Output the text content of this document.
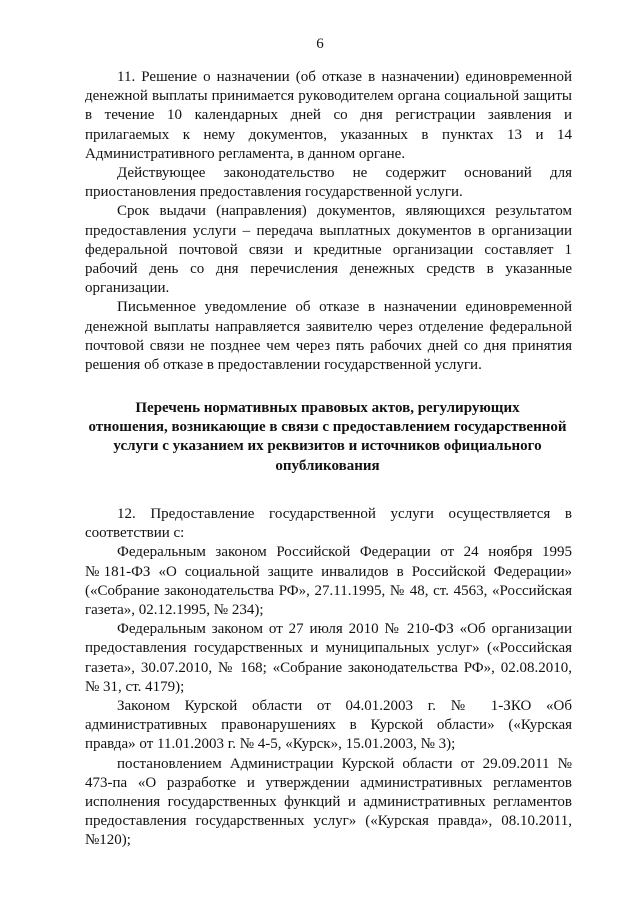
6

11. Решение о назначении (об отказе в назначении) единовременной денежной выплаты принимается руководителем органа социальной защиты в течение 10 календарных дней со дня регистрации заявления и прилагаемых к нему документов, указанных в пунктах 13 и 14 Административного регламента, в данном органе.

Действующее законодательство не содержит оснований для приостановления предоставления государственной услуги.

Срок выдачи (направления) документов, являющихся результатом предоставления услуги – передача выплатных документов в организации федеральной почтовой связи и кредитные организации составляет 1 рабочий день со дня перечисления денежных средств в указанные организации.

Письменное уведомление об отказе в назначении единовременной денежной выплаты направляется заявителю через отделение федеральной почтовой связи не позднее чем через пять рабочих дней со дня принятия решения об отказе в предоставлении государственной услуги.

Перечень нормативных правовых актов, регулирующих
отношения, возникающие в связи с предоставлением государственной
услуги с указанием их реквизитов и источников официального
опубликования

12. Предоставление государственной услуги осуществляется в соответствии с:

Федеральным законом Российской Федерации от 24 ноября 1995 №181-ФЗ «О социальной защите инвалидов в Российской Федерации» («Собрание законодательства РФ», 27.11.1995, № 48, ст. 4563, «Российская газета», 02.12.1995, № 234);

Федеральным законом от 27 июля 2010 № 210-ФЗ «Об организации предоставления государственных и муниципальных услуг» («Российская газета», 30.07.2010, № 168; «Собрание законодательства РФ», 02.08.2010, № 31, ст. 4179);

Законом Курской области от 04.01.2003 г. № 1-ЗКО «Об административных правонарушениях в Курской области» («Курская правда» от 11.01.2003 г. № 4-5, «Курск», 15.01.2003, № 3);

постановлением Администрации Курской области от 29.09.2011 № 473-па «О разработке и утверждении административных регламентов исполнения государственных функций и административных регламентов предоставления государственных услуг» («Курская правда», 08.10.2011, №120);
